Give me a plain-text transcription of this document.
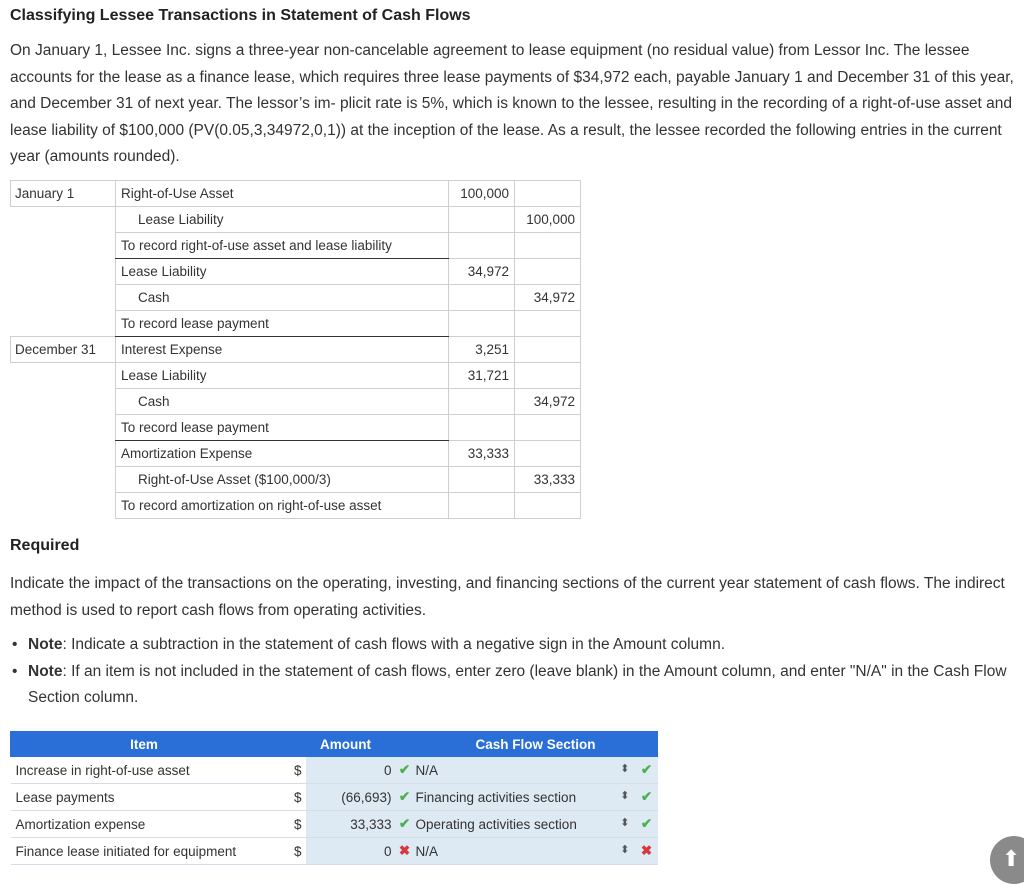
Classifying Lessee Transactions in Statement of Cash Flows

On January 1, Lessee Inc. signs a three-year non-cancelable agreement to lease equipment (no residual value) from Lessor Inc. The lessee accounts for the lease as a finance lease, which requires three lease payments of $34,972 each, payable January 1 and December 31 of this year, and December 31 of next year. The lessor’s im- plicit rate is 5%, which is known to the lessee, resulting in the recording of a right-of-use asset and lease liability of $100,000 (PV(0.05,3,34972,0,1)) at the inception of the lease. As a result, the lessee recorded the following entries in the current year (amounts rounded).

January 1	Right-of-Use Asset	100,000	
	Lease Liability		100,000
	To record right-of-use asset and lease liability		
	Lease Liability	34,972	
	Cash		34,972
	To record lease payment		
December 31	Interest Expense	3,251	
	Lease Liability	31,721	
	Cash		34,972
	To record lease payment		
	Amortization Expense	33,333	
	Right-of-Use Asset ($100,000/3)		33,333
	To record amortization on right-of-use asset		
Required

Indicate the impact of the transactions on the operating, investing, and financing sections of the current year statement of cash flows. The indirect method is used to report cash flows from operating activities.

• Note: Indicate a subtraction in the statement of cash flows with a negative sign in the Amount column.
• Note: If an item is not included in the statement of cash flows, enter zero (leave blank) in the Amount column, and enter "N/A" in the Cash Flow Section column.
Item	Amount			Cash Flow Section	
Increase in right-of-use asset	$	0	✔	N/A ⬍	✔
Lease payments	$	(66,693)	✔	Financing activities section ⬍	✔
Amortization expense	$	33,333	✔	Operating activities section ⬍	✔
Finance lease initiated for equipment	$	0	✖	N/A ⬍	✖	⬆
